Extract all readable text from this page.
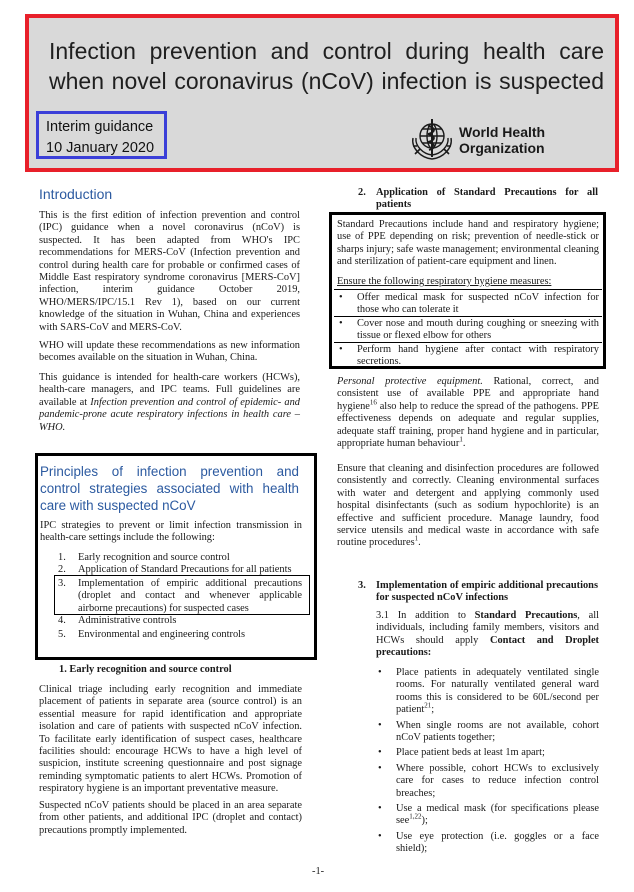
Infection prevention and control during health care
when novel coronavirus (nCoV) infection is suspected
Interim guidance
10 January 2020
World Health
Organization
Introduction

This is the first edition of infection prevention and control (IPC) guidance when a novel coronavirus (nCoV) is suspected. It has been adapted from WHO's IPC recommendations for MERS-CoV (Infection prevention and control during health care for probable or confirmed cases of Middle East respiratory syndrome coronavirus [MERS-CoV] infection, interim guidance October 2019, WHO/MERS/IPC/15.1 Rev 1), based on our current knowledge of the situation in Wuhan, China and experiences with SARS-CoV and MERS-CoV.

WHO will update these recommendations as new information becomes available on the situation in Wuhan, China.

This guidance is intended for health-care workers (HCWs), health-care managers, and IPC teams. Full guidelines are available at Infection prevention and control of epidemic- and pandemic-prone acute respiratory infections in health care – WHO.

Principles of infection prevention and control strategies associated with health care with suspected nCoV

IPC strategies to prevent or limit infection transmission in health-care settings include the following:

1. Early recognition and source control
2. Application of Standard Precautions for all patients
3. Implementation of empiric additional precautions (droplet and contact and whenever applicable airborne precautions) for suspected cases
4. Administrative controls
5. Environmental and engineering controls
1. Early recognition and source control

Clinical triage including early recognition and immediate placement of patients in separate area (source control) is an essential measure for rapid identification and appropriate isolation and care of patients with suspected nCoV infection. To facilitate early identification of suspect cases, healthcare facilities should: encourage HCWs to have a high level of suspicion, institute screening questionnaire and post signage reminding symptomatic patients to alert HCWs. Promotion of respiratory hygiene is an important preventative measure.

Suspected nCoV patients should be placed in an area separate from other patients, and additional IPC (droplet and contact) precautions promptly implemented.

2. Application of Standard Precautions for all patients

Standard Precautions include hand and respiratory hygiene; use of PPE depending on risk; prevention of needle-stick or sharps injury; safe waste management; environmental cleaning and sterilization of patient-care equipment and linen.

Ensure the following respiratory hygiene measures:

• Offer medical mask for suspected nCoV infection for those who can tolerate it
• Cover nose and mouth during coughing or sneezing with tissue or flexed elbow for others
• Perform hand hygiene after contact with respiratory secretions.

Personal protective equipment. Rational, correct, and consistent use of available PPE and appropriate hand hygiene$^{16}$ also help to reduce the spread of the pathogens. PPE effectiveness depends on adequate and regular supplies, adequate staff training, proper hand hygiene and in particular, appropriate human behaviour$^1$.

Ensure that cleaning and disinfection procedures are followed consistently and correctly. Cleaning environmental surfaces with water and detergent and applying commonly used hospital disinfectants (such as sodium hypochlorite) is an effective and sufficient procedure. Manage laundry, food service utensils and medical waste in accordance with safe routine procedures$^1$.

3. Implementation of empiric additional precautions for suspected nCoV infections

3.1 In addition to Standard Precautions, all individuals, including family members, visitors and HCWs should apply Contact and Droplet precautions:

• Place patients in adequately ventilated single rooms. For naturally ventilated general ward rooms this is considered to be 60L/second per patient$^{21}$;
• When single rooms are not available, cohort nCoV patients together;
• Place patient beds at least 1m apart;
• Where possible, cohort HCWs to exclusively care for cases to reduce infection control breaches;
• Use a medical mask (for specifications please see$^{1,22}$);
• Use eye protection (i.e. goggles or a face shield);
-1-
